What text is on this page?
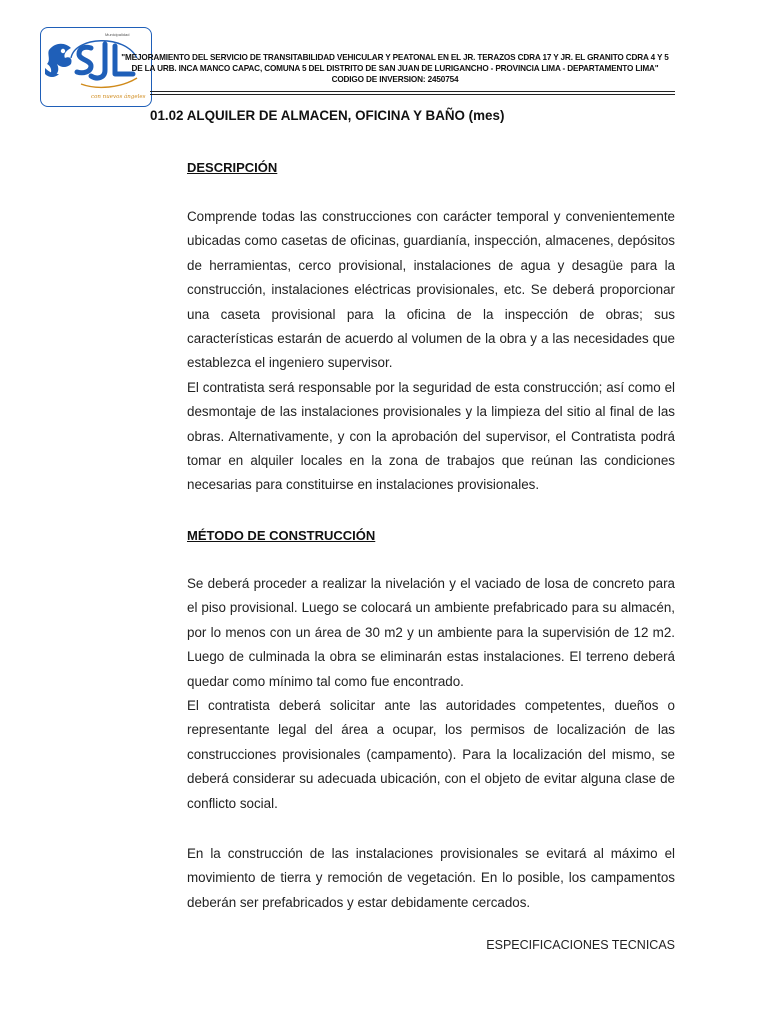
Municipalidad
con nuevos ángeles
"MEJORAMIENTO DEL SERVICIO DE TRANSITABILIDAD VEHICULAR Y PEATONAL EN EL JR. TERAZOS CDRA 17 Y JR. EL GRANITO CDRA 4 Y 5
DE LA URB. INCA MANCO CAPAC, COMUNA 5 DEL DISTRITO DE SAN JUAN DE LURIGANCHO - PROVINCIA LIMA - DEPARTAMENTO LIMA"
CODIGO DE INVERSION: 2450754
01.02 ALQUILER DE ALMACEN, OFICINA Y BAÑO (mes)
DESCRIPCIÓN

Comprende todas las construcciones con carácter temporal y convenientemente ubicadas como casetas de oficinas, guardianía, inspección, almacenes, depósitos de herramientas, cerco provisional, instalaciones de agua y desagüe para la construcción, instalaciones eléctricas provisionales, etc. Se deberá proporcionar una caseta provisional para la oficina de la inspección de obras; sus características estarán de acuerdo al volumen de la obra y a las necesidades que establezca el ingeniero supervisor.

El contratista será responsable por la seguridad de esta construcción; así como el desmontaje de las instalaciones provisionales y la limpieza del sitio al final de las obras. Alternativamente, y con la aprobación del supervisor, el Contratista podrá tomar en alquiler locales en la zona de trabajos que reúnan las condiciones necesarias para constituirse en instalaciones provisionales.

MÉTODO DE CONSTRUCCIÓN

Se deberá proceder a realizar la nivelación y el vaciado de losa de concreto para el piso provisional. Luego se colocará un ambiente prefabricado para su almacén, por lo menos con un área de 30 m2 y un ambiente para la supervisión de 12 m2. Luego de culminada la obra se eliminarán estas instalaciones. El terreno deberá quedar como mínimo tal como fue encontrado.

El contratista deberá solicitar ante las autoridades competentes, dueños o representante legal del área a ocupar, los permisos de localización de las construcciones provisionales (campamento). Para la localización del mismo, se deberá considerar su adecuada ubicación, con el objeto de evitar alguna clase de conflicto social.

En la construcción de las instalaciones provisionales se evitará al máximo el movimiento de tierra y remoción de vegetación. En lo posible, los campamentos deberán ser prefabricados y estar debidamente cercados.

ESPECIFICACIONES TECNICAS
